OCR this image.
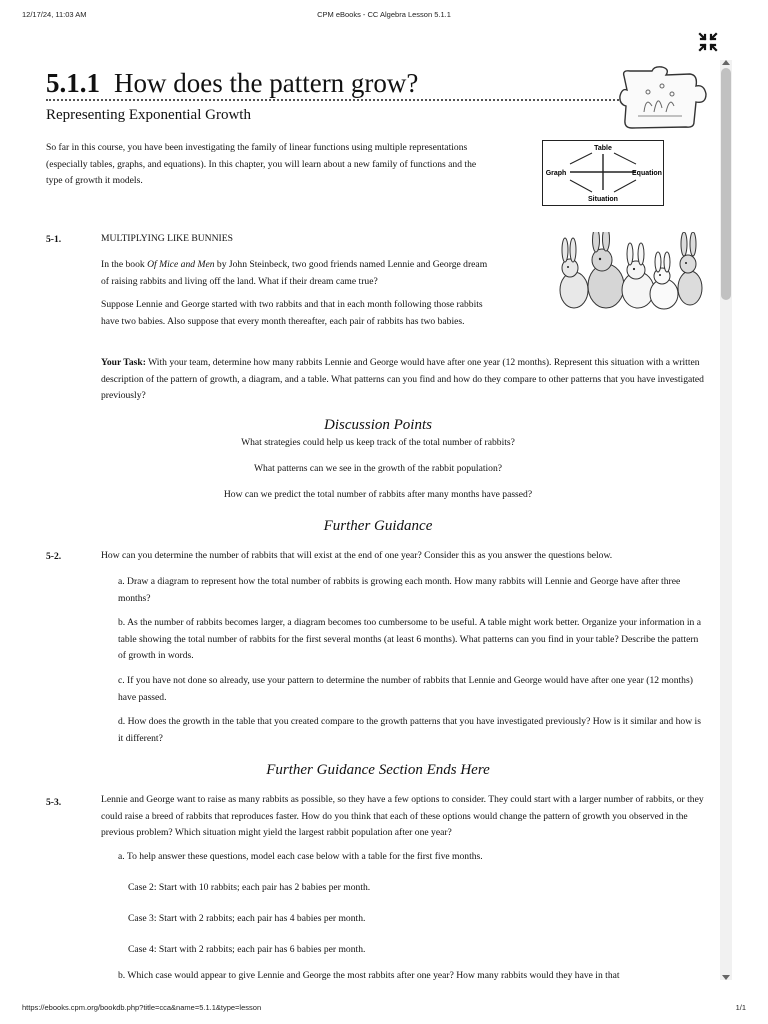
12/17/24, 11:03 AM	CPM eBooks - CC Algebra Lesson 5.1.1
5.1.1 How does the pattern grow?
Representing Exponential Growth
So far in this course, you have been investigating the family of linear functions using multiple representations (especially tables, graphs, and equations). In this chapter, you will learn about a new family of functions and the type of growth it models.
Table
Graph	Equation
Situation
5-1.	MULTIPLYING LIKE BUNNIES
In the book Of Mice and Men by John Steinbeck, two good friends named Lennie and George dream of raising rabbits and living off the land. What if their dream came true?
Suppose Lennie and George started with two rabbits and that in each month following those rabbits have two babies. Also suppose that every month thereafter, each pair of rabbits has two babies.
Your Task: With your team, determine how many rabbits Lennie and George would have after one year (12 months). Represent this situation with a written description of the pattern of growth, a diagram, and a table. What patterns can you find and how do they compare to other patterns that you have investigated previously?
Discussion Points
What strategies could help us keep track of the total number of rabbits?
What patterns can we see in the growth of the rabbit population?
How can we predict the total number of rabbits after many months have passed?
Further Guidance
5-2.	How can you determine the number of rabbits that will exist at the end of one year? Consider this as you answer the questions below.
a. Draw a diagram to represent how the total number of rabbits is growing each month. How many rabbits will Lennie and George have after three months?
b. As the number of rabbits becomes larger, a diagram becomes too cumbersome to be useful. A table might work better. Organize your information in a table showing the total number of rabbits for the first several months (at least 6 months). What patterns can you find in your table? Describe the pattern of growth in words.
c. If you have not done so already, use your pattern to determine the number of rabbits that Lennie and George would have after one year (12 months) have passed.
d. How does the growth in the table that you created compare to the growth patterns that you have investigated previously? How is it similar and how is it different?
Further Guidance Section Ends Here
5-3.	Lennie and George want to raise as many rabbits as possible, so they have a few options to consider. They could start with a larger number of rabbits, or they could raise a breed of rabbits that reproduces faster. How do you think that each of these options would change the pattern of growth you observed in the previous problem? Which situation might yield the largest rabbit population after one year?
a. To help answer these questions, model each case below with a table for the first five months.
Case 2: Start with 10 rabbits; each pair has 2 babies per month.
Case 3: Start with 2 rabbits; each pair has 4 babies per month.
Case 4: Start with 2 rabbits; each pair has 6 babies per month.
b. Which case would appear to give Lennie and George the most rabbits after one year? How many rabbits would they have in that
https://ebooks.cpm.org/bookdb.php?title=cca&name=5.1.1&type=lesson	1/1
